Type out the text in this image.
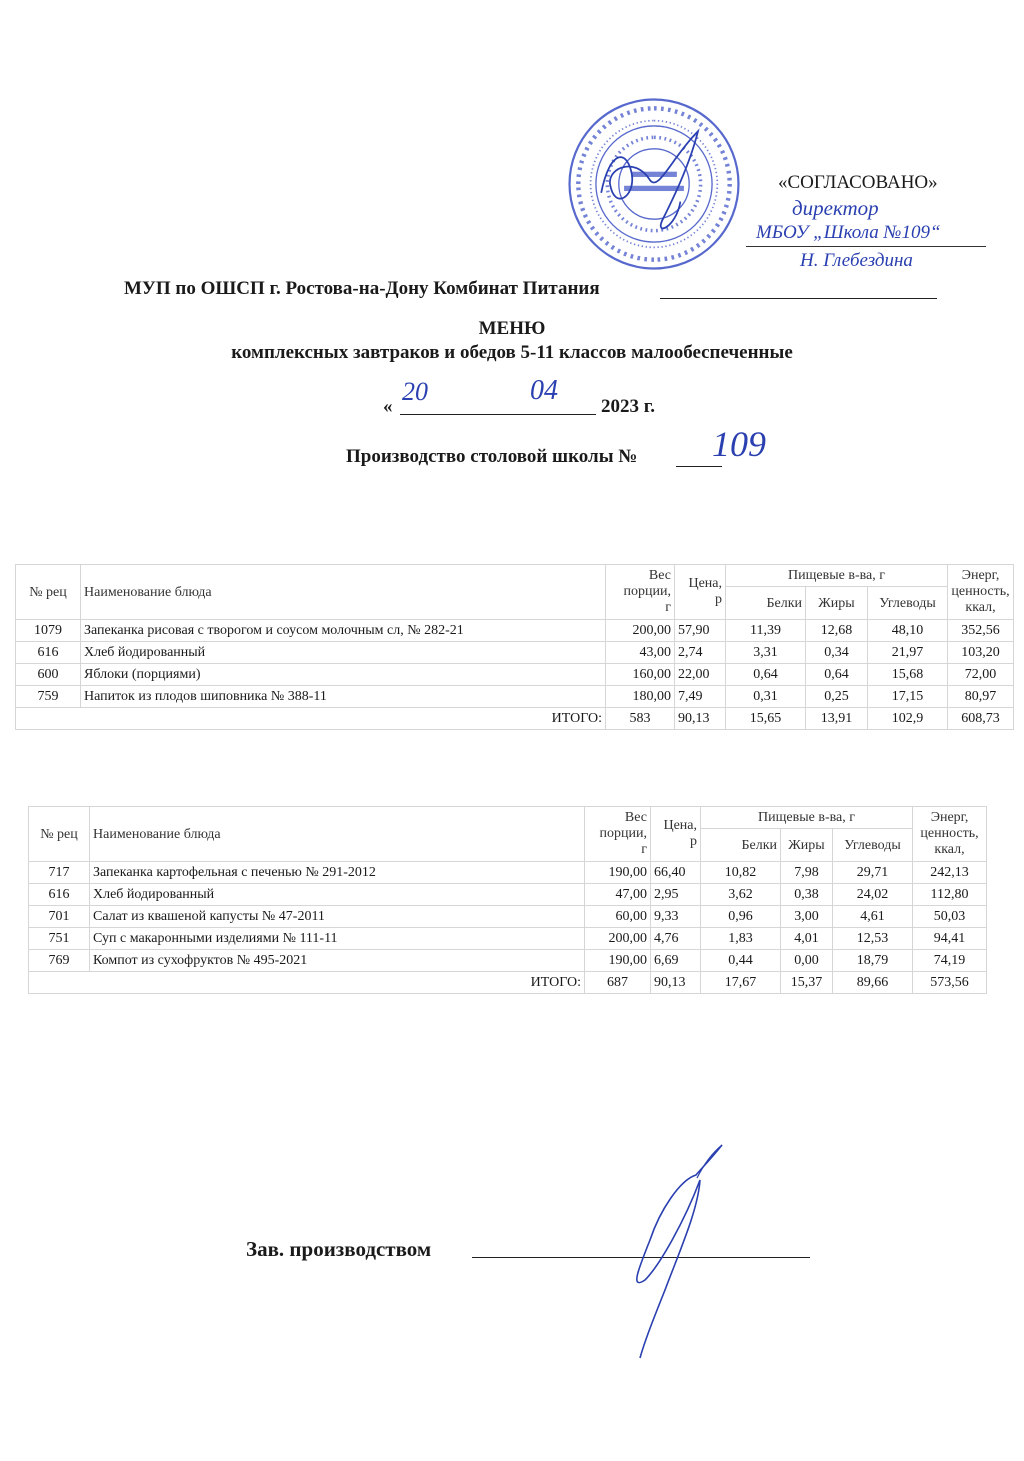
«СОГЛАСОВАНО»
директор
МБОУ „Школа №109“
Н. Глебездина
МУП по ОШСП г. Ростова-на-Дону Комбинат Питания
МЕНЮ
комплексных завтраков и обедов 5-11 классов малообеспеченные
«
20	04
2023 г.
Производство столовой школы № 109
№ рец	Наименование блюда	Вес
порции,
г	Цена,
р	Пищевые в-ва, г			Энерг,
ценность,
ккал,

				Белки	Жиры	Углеводы	
1079	Запеканка рисовая с творогом и соусом молочным сл, № 282-21	200,00	57,90	11,39	12,68	48,10	352,56
616	Хлеб йодированный	43,00	2,74	3,31	0,34	21,97	103,20
600	Яблоки (порциями)	160,00	22,00	0,64	0,64	15,68	72,00
759	Напиток из плодов шиповника № 388-11	180,00	7,49	0,31	0,25	17,15	80,97
ИТОГО:		583	90,13	15,65	13,91	102,9	608,73
№ рец	Наименование блюда	Вес
порции,
г	Цена,
р	Пищевые в-ва, г			Энерг,
ценность,
ккал,

				Белки	Жиры	Углеводы	
717	Запеканка картофельная с печенью № 291-2012	190,00	66,40	10,82	7,98	29,71	242,13
616	Хлеб йодированный	47,00	2,95	3,62	0,38	24,02	112,80
701	Салат из квашеной капусты № 47-2011	60,00	9,33	0,96	3,00	4,61	50,03
751	Суп с макаронными изделиями № 111-11	200,00	4,76	1,83	4,01	12,53	94,41
769	Компот из сухофруктов № 495-2021	190,00	6,69	0,44	0,00	18,79	74,19
ИТОГО:		687	90,13	17,67	15,37	89,66	573,56
Зав. производством
